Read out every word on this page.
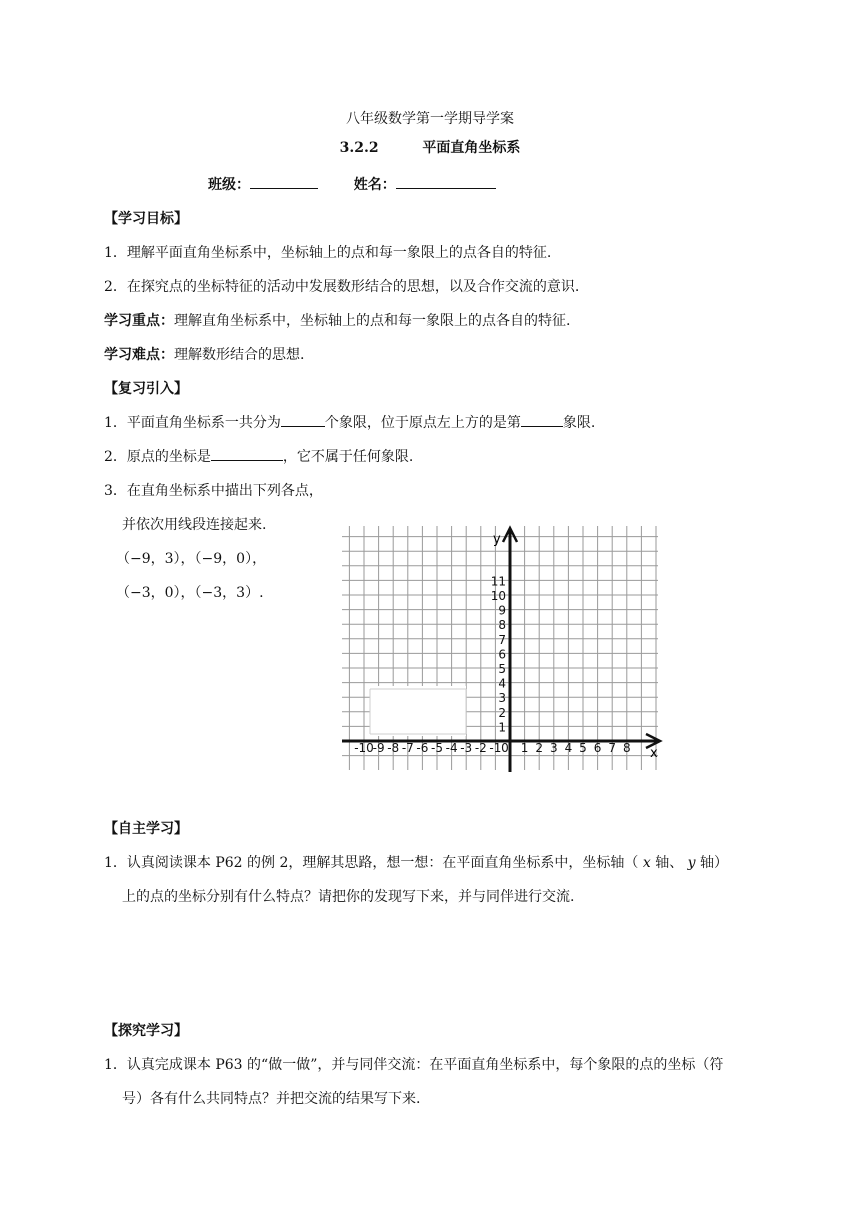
八年级数学第一学期导学案
3.2.2	平面直角坐标系
班级：	姓名：
【学习目标】
1．理解平面直角坐标系中，坐标轴上的点和每一象限上的点各自的特征.
2．在探究点的坐标特征的活动中发展数形结合的思想，以及合作交流的意识.
学习重点：理解直角坐标系中，坐标轴上的点和每一象限上的点各自的特征.
学习难点：理解数形结合的思想.
【复习引入】
1．平面直角坐标系一共分为	个象限，位于原点左上方的是第	象限.
2．原点的坐标是	，它不属于任何象限.
3．在直角坐标系中描出下列各点，
并依次用线段连接起来.
（−9，3），（−9，0），
（−3，0），（−3，3）.
y
x
-10
-9 -8 -7 -6 -5 -4 -3 -2 -1 0 1 2 3 4 5 6 7 8
1
2
3
4
5
6
7
8
9
10
11
【自主学习】
1．认真阅读课本 P62 的例 2，理解其思路，想一想：在平面直角坐标系中，坐标轴（ x 轴、 y 轴）
上的点的坐标分别有什么特点？请把你的发现写下来，并与同伴进行交流.
【探究学习】
1．认真完成课本 P63 的“做一做”，并与同伴交流：在平面直角坐标系中，每个象限的点的坐标（符
号）各有什么共同特点？并把交流的结果写下来.
